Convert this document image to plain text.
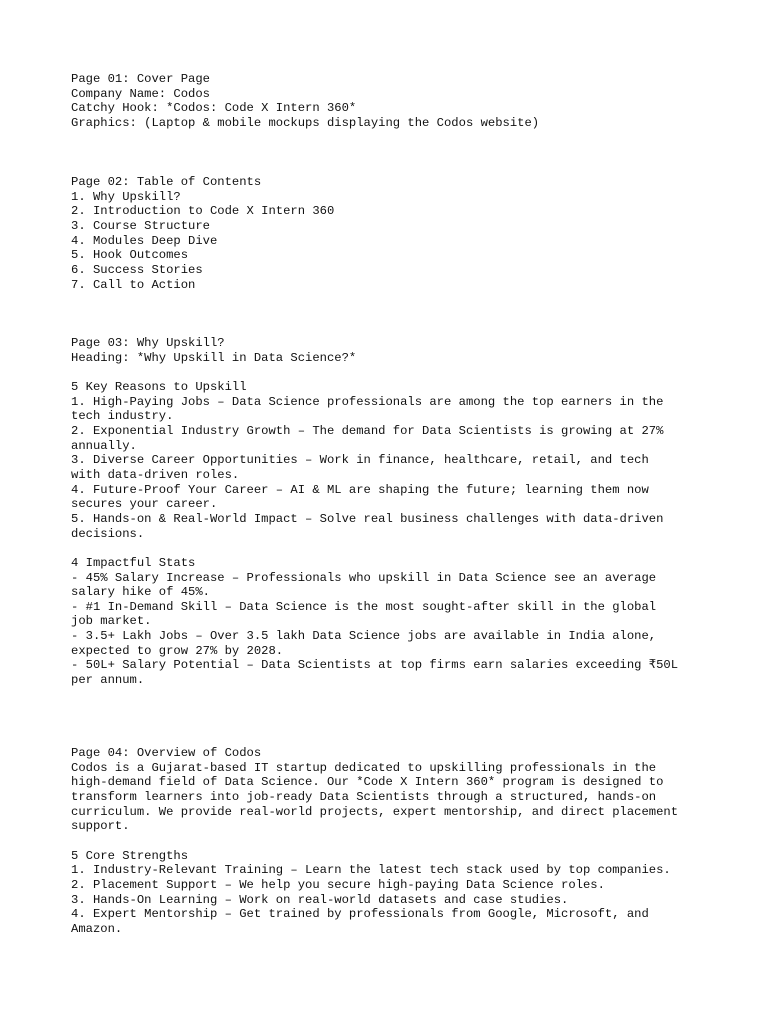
Page 01: Cover Page
Company Name: Codos
Catchy Hook: *Codos: Code X Intern 360*
Graphics: (Laptop & mobile mockups displaying the Codos website)
Page 02: Table of Contents
1. Why Upskill?
2. Introduction to Code X Intern 360
3. Course Structure
4. Modules Deep Dive
5. Hook Outcomes
6. Success Stories
7. Call to Action
Page 03: Why Upskill?
Heading: *Why Upskill in Data Science?*

5 Key Reasons to Upskill
1. High-Paying Jobs – Data Science professionals are among the top earners in the
tech industry.
2. Exponential Industry Growth – The demand for Data Scientists is growing at 27%
annually.
3. Diverse Career Opportunities – Work in finance, healthcare, retail, and tech
with data-driven roles.
4. Future-Proof Your Career – AI & ML are shaping the future; learning them now
secures your career.
5. Hands-on & Real-World Impact – Solve real business challenges with data-driven
decisions.

4 Impactful Stats
- 45% Salary Increase – Professionals who upskill in Data Science see an average
salary hike of 45%.
- #1 In-Demand Skill – Data Science is the most sought-after skill in the global
job market.
- 3.5+ Lakh Jobs – Over 3.5 lakh Data Science jobs are available in India alone,
expected to grow 27% by 2028.
- 50L+ Salary Potential – Data Scientists at top firms earn salaries exceeding ₹50L
per annum.
Page 04: Overview of Codos
Codos is a Gujarat-based IT startup dedicated to upskilling professionals in the
high-demand field of Data Science. Our *Code X Intern 360* program is designed to
transform learners into job-ready Data Scientists through a structured, hands-on
curriculum. We provide real-world projects, expert mentorship, and direct placement
support.

5 Core Strengths
1. Industry-Relevant Training – Learn the latest tech stack used by top companies.
2. Placement Support – We help you secure high-paying Data Science roles.
3. Hands-On Learning – Work on real-world datasets and case studies.
4. Expert Mentorship – Get trained by professionals from Google, Microsoft, and
Amazon.
